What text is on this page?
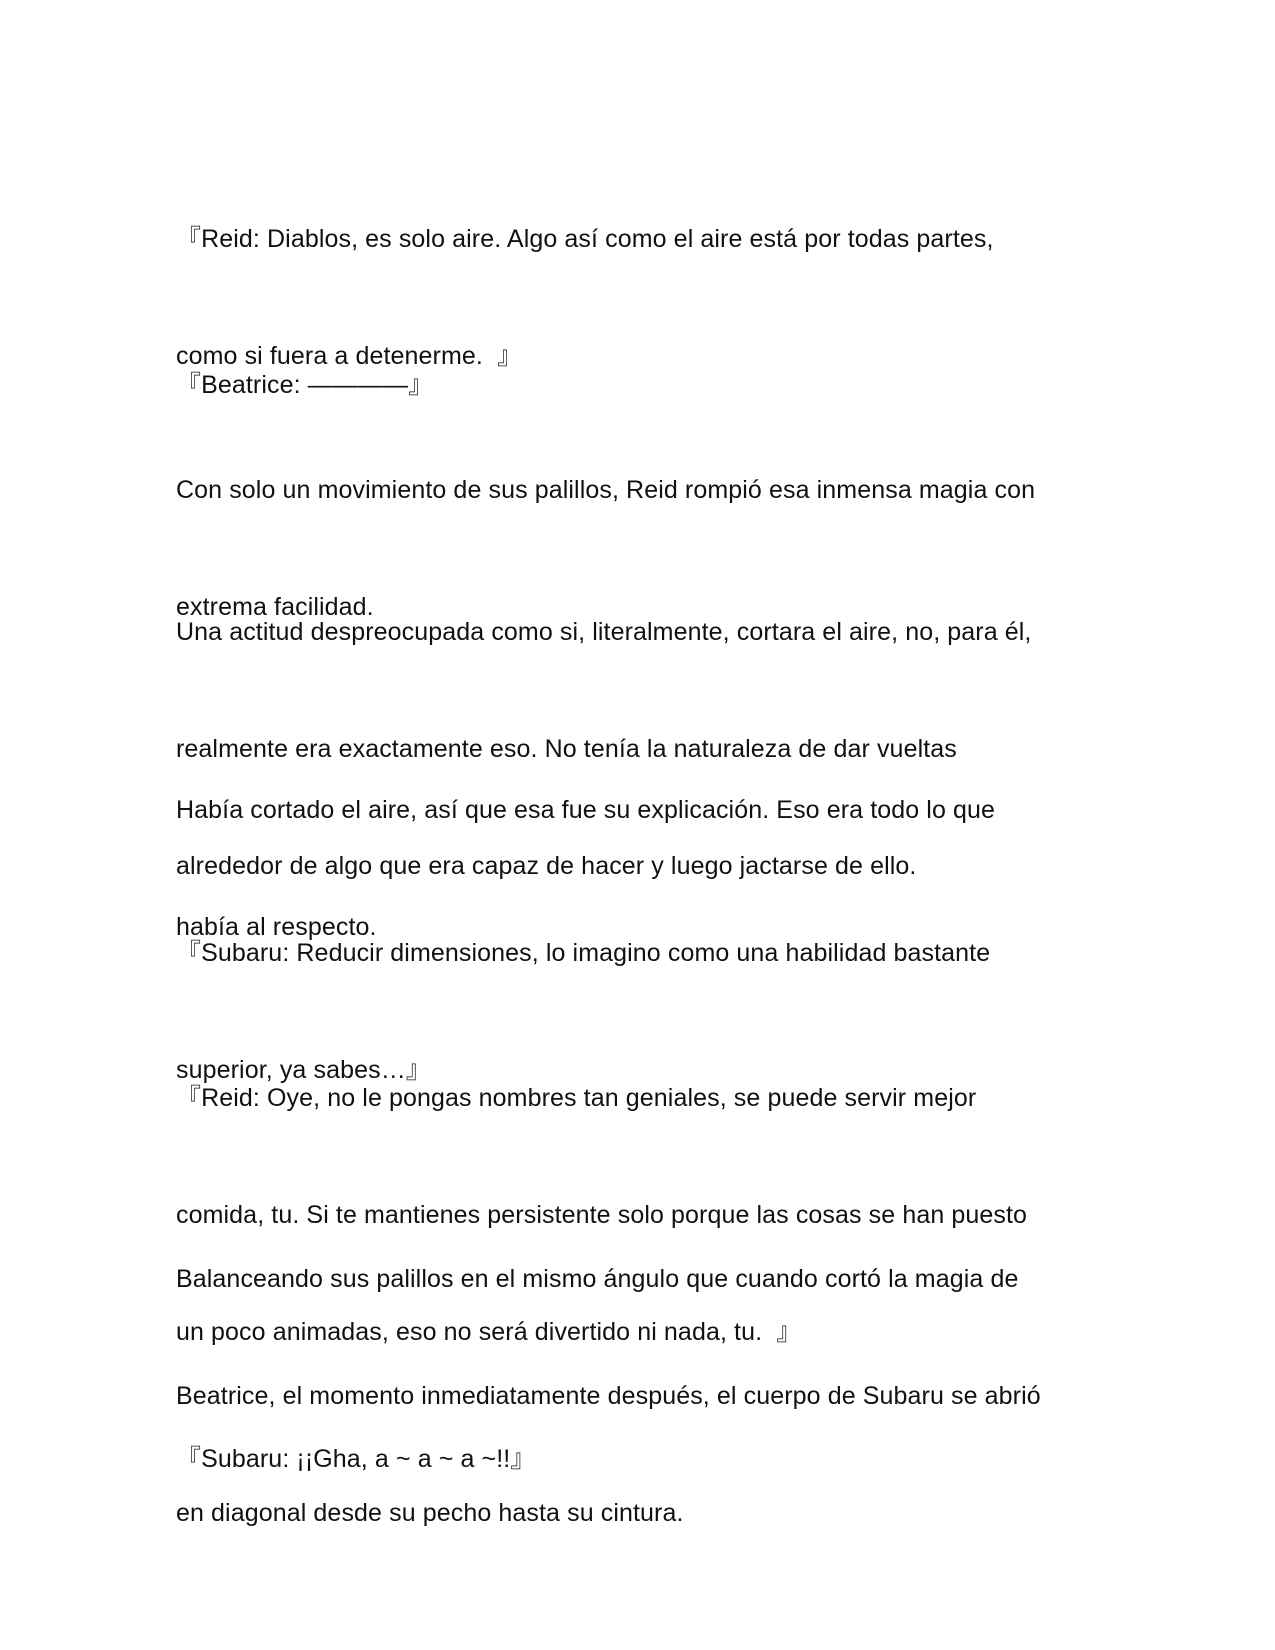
『Reid: Diablos, es solo aire. Algo así como el aire está por todas partes,

como si fuera a detenerme.  』

『Beatrice: ————』

Con solo un movimiento de sus palillos, Reid rompió esa inmensa magia con

extrema facilidad.

Una actitud despreocupada como si, literalmente, cortara el aire, no, para él,

realmente era exactamente eso. No tenía la naturaleza de dar vueltas

alrededor de algo que era capaz de hacer y luego jactarse de ello.

Había cortado el aire, así que esa fue su explicación. Eso era todo lo que

había al respecto.

『Subaru: Reducir dimensiones, lo imagino como una habilidad bastante

superior, ya sabes…』

『Reid: Oye, no le pongas nombres tan geniales, se puede servir mejor

comida, tu. Si te mantienes persistente solo porque las cosas se han puesto

un poco animadas, eso no será divertido ni nada, tu.  』

Balanceando sus palillos en el mismo ángulo que cuando cortó la magia de

Beatrice, el momento inmediatamente después, el cuerpo de Subaru se abrió

en diagonal desde su pecho hasta su cintura.

『Subaru: ¡¡Gha, a ~ a ~ a ~!!』
